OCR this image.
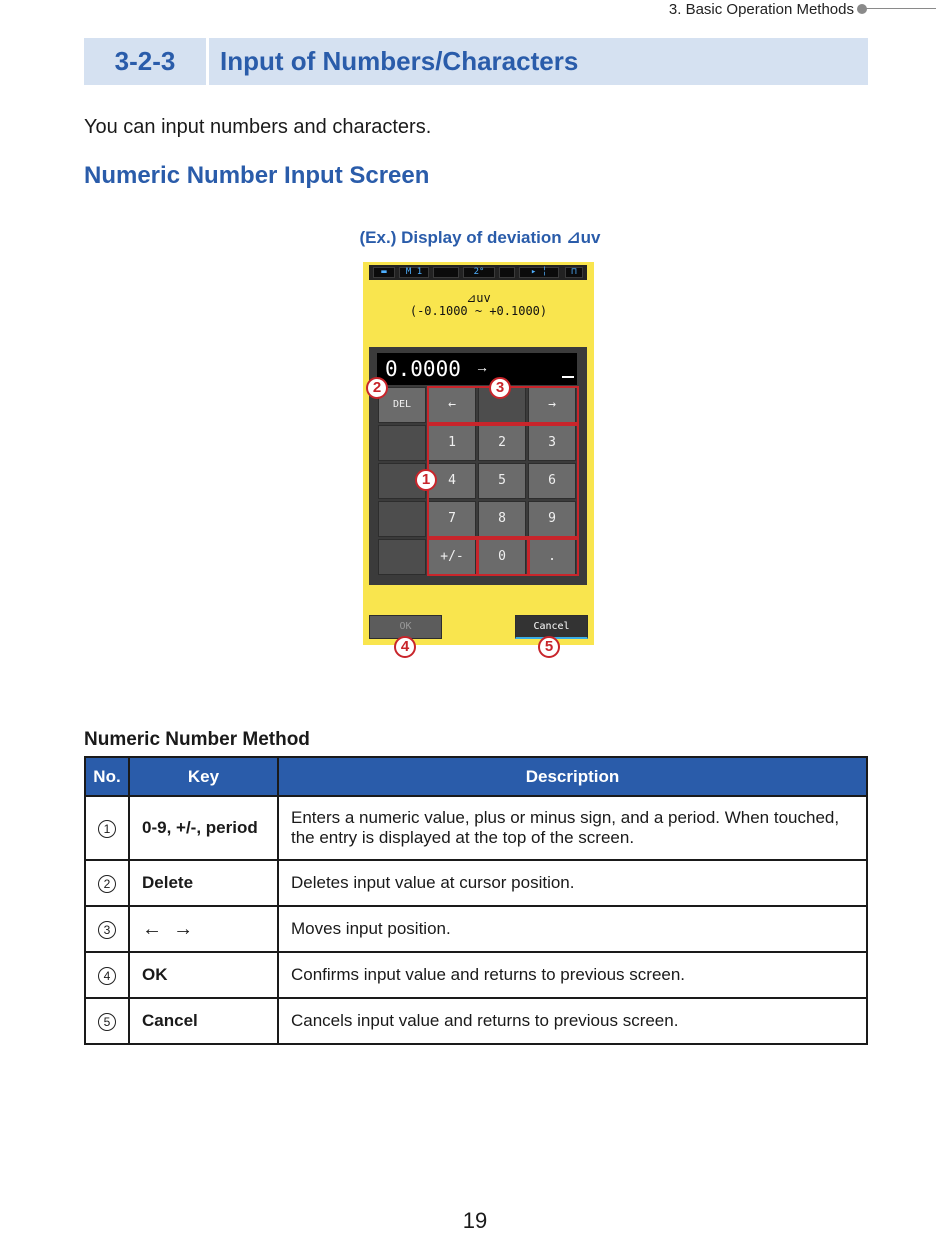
3. Basic Operation Methods
3-2-3	Input of Numbers/Characters
You can input numbers and characters.
Numeric Number Input Screen
(Ex.) Display of deviation ⊿uv
▬	M 1	2°	▸ ╎	⊓
⊿uv
(-0.1000 ~ +0.1000)
0.0000 →
DEL	←	→
1	2	3
4	5	6
7	8	9
+/-	0	.
OK	Cancel
2	3
1
4	5
Numeric Number Method
No.	Key	Description
1	0-9, +/-, period	Enters a numeric value, plus or minus sign, and a period. When touched, the entry is displayed at the top of the screen.
2	Delete	Deletes input value at cursor position.
3	←  →	Moves input position.
4	OK	Confirms input value and returns to previous screen.
5	Cancel	Cancels input value and returns to previous screen.
19
